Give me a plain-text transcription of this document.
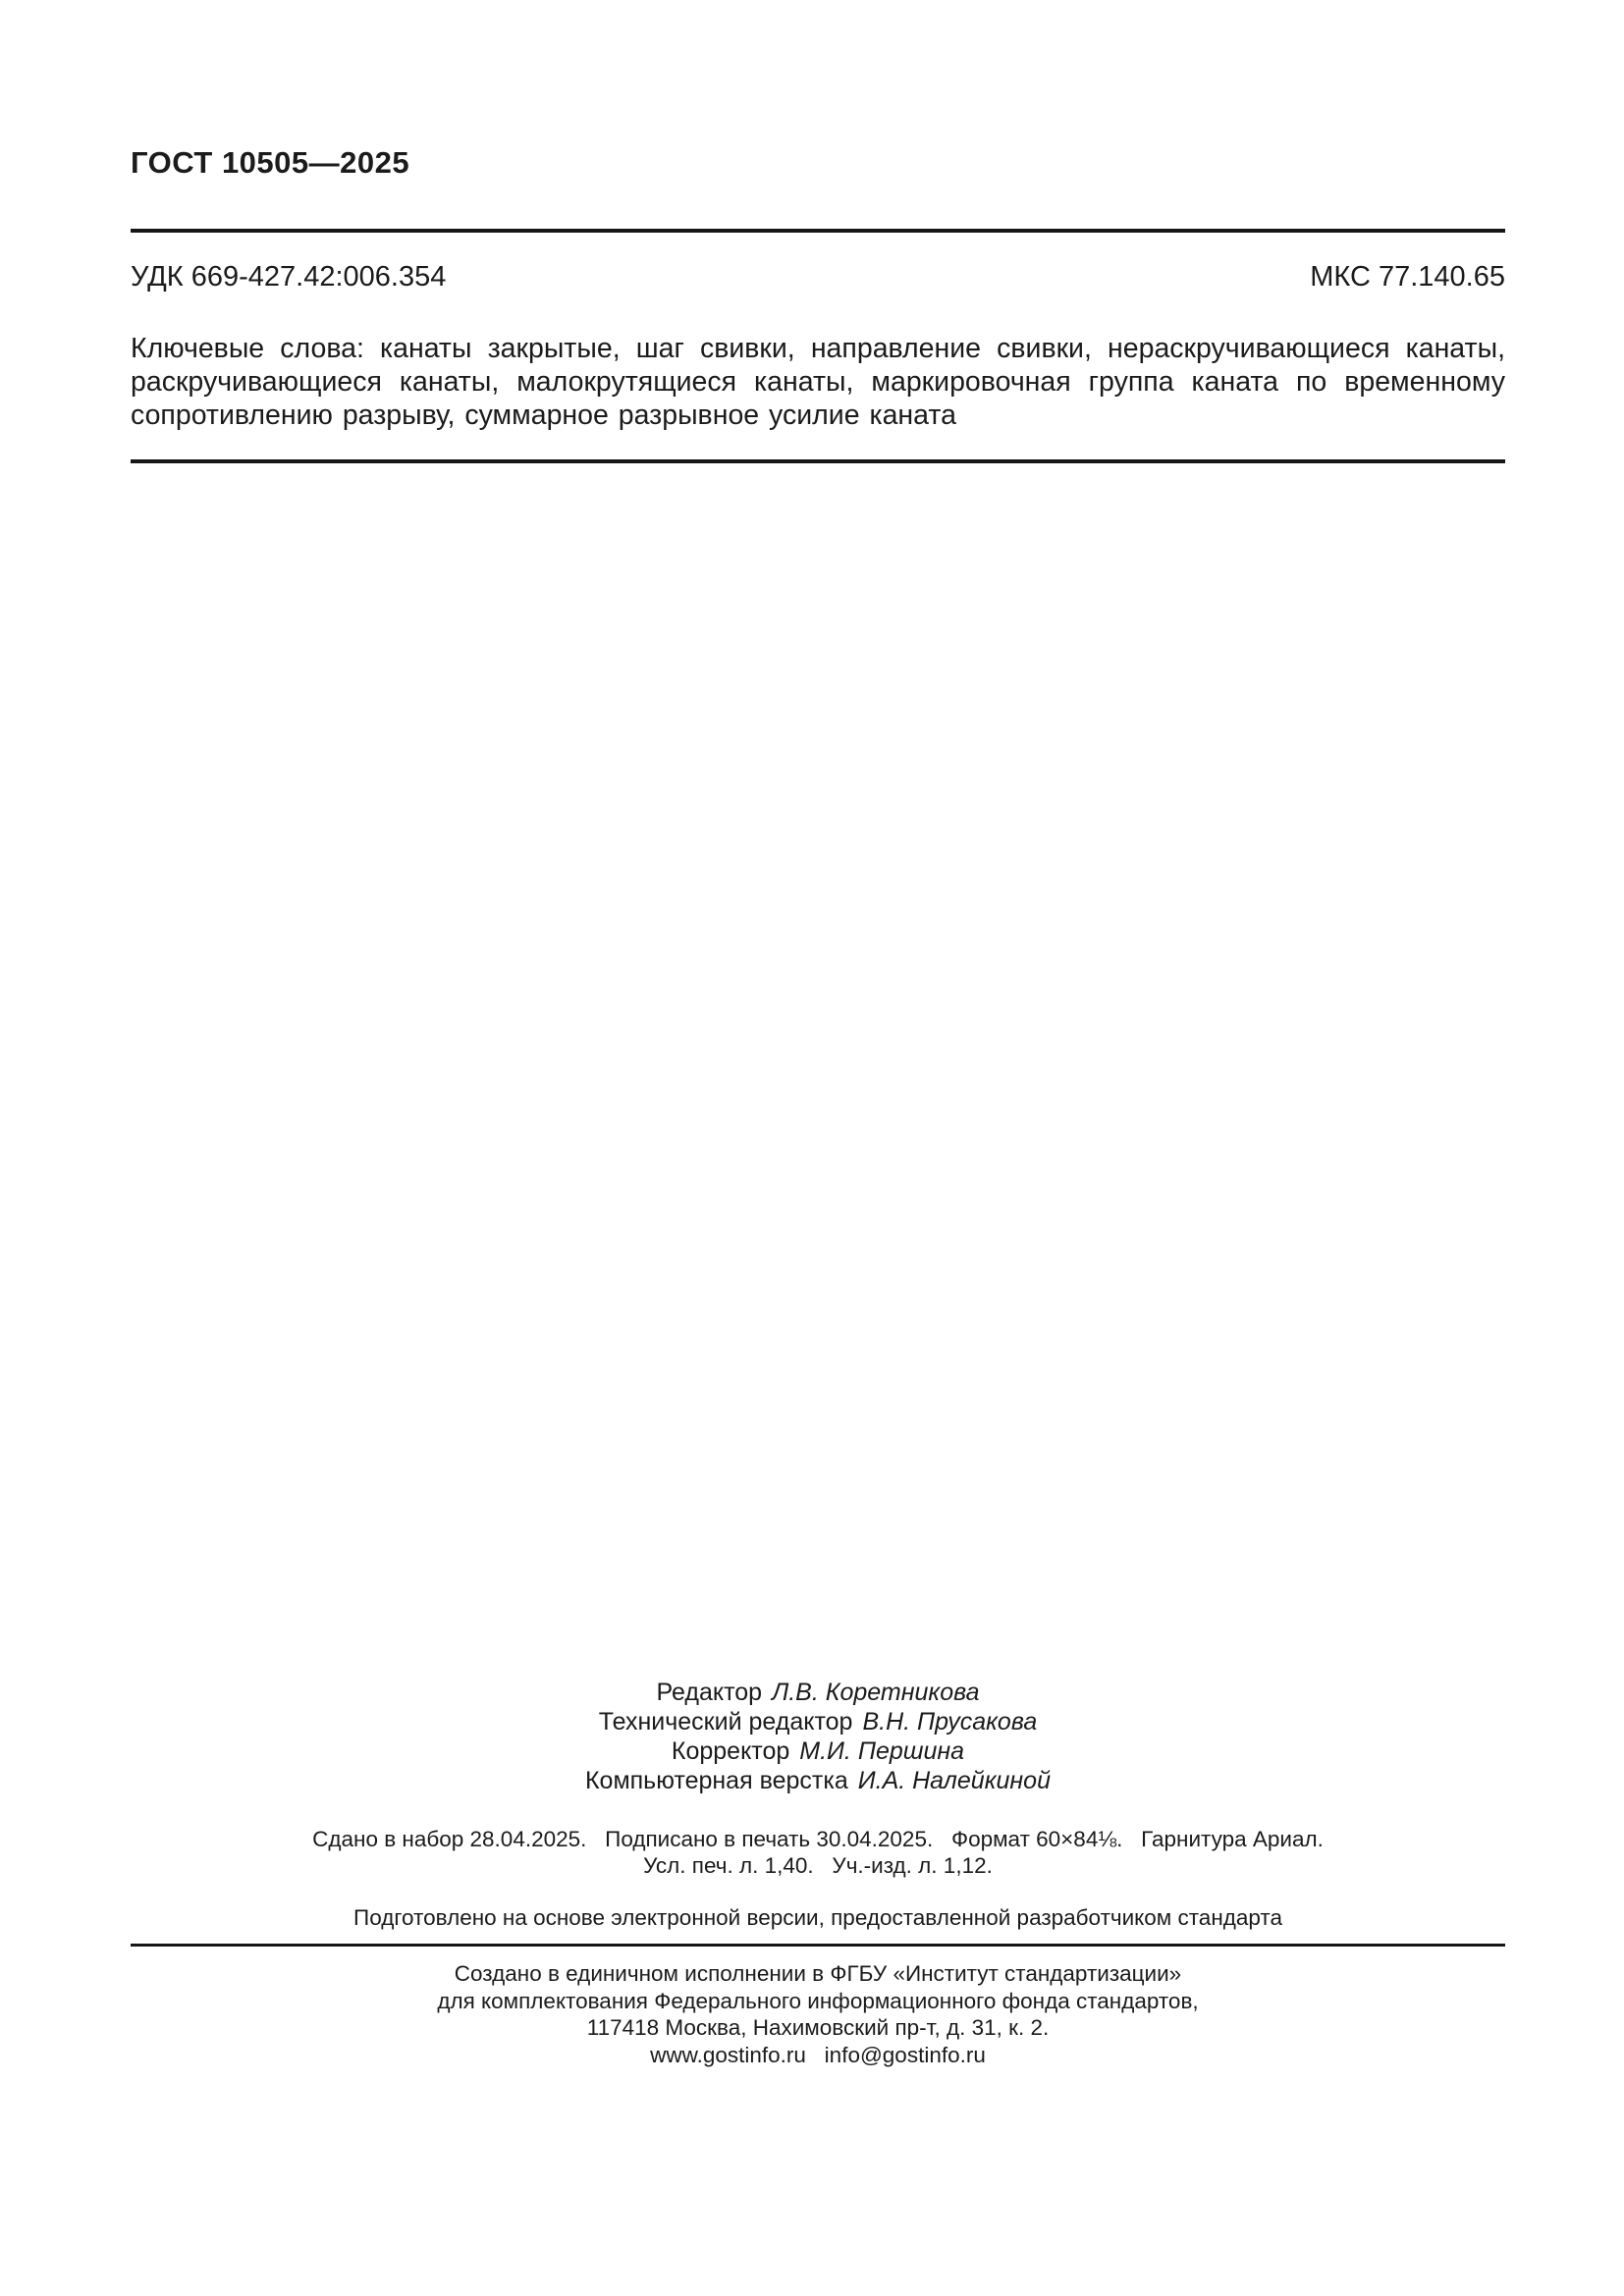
ГОСТ 10505—2025
УДК 669-427.42:006.354	МКС 77.140.65

Ключевые слова: канаты закрытые, шаг свивки, направление свивки, нераскручивающиеся канаты, раскручивающиеся канаты, малокрутящиеся канаты, маркировочная группа каната по временному сопротивлению разрыву, суммарное разрывное усилие каната

Редактор Л.В. Коретникова
Технический редактор В.Н. Прусакова
Корректор М.И. Першина
Компьютерная верстка И.А. Налейкиной
Сдано в набор 28.04.2025.   Подписано в печать 30.04.2025.   Формат 60×84⅛.   Гарнитура Ариал.
Усл. печ. л. 1,40.   Уч.-изд. л. 1,12.

Подготовлено на основе электронной версии, предоставленной разработчиком стандарта

Создано в единичном исполнении в ФГБУ «Институт стандартизации»
для комплектования Федерального информационного фонда стандартов,
117418 Москва, Нахимовский пр-т, д. 31, к. 2.
www.gostinfo.ru   info@gostinfo.ru
